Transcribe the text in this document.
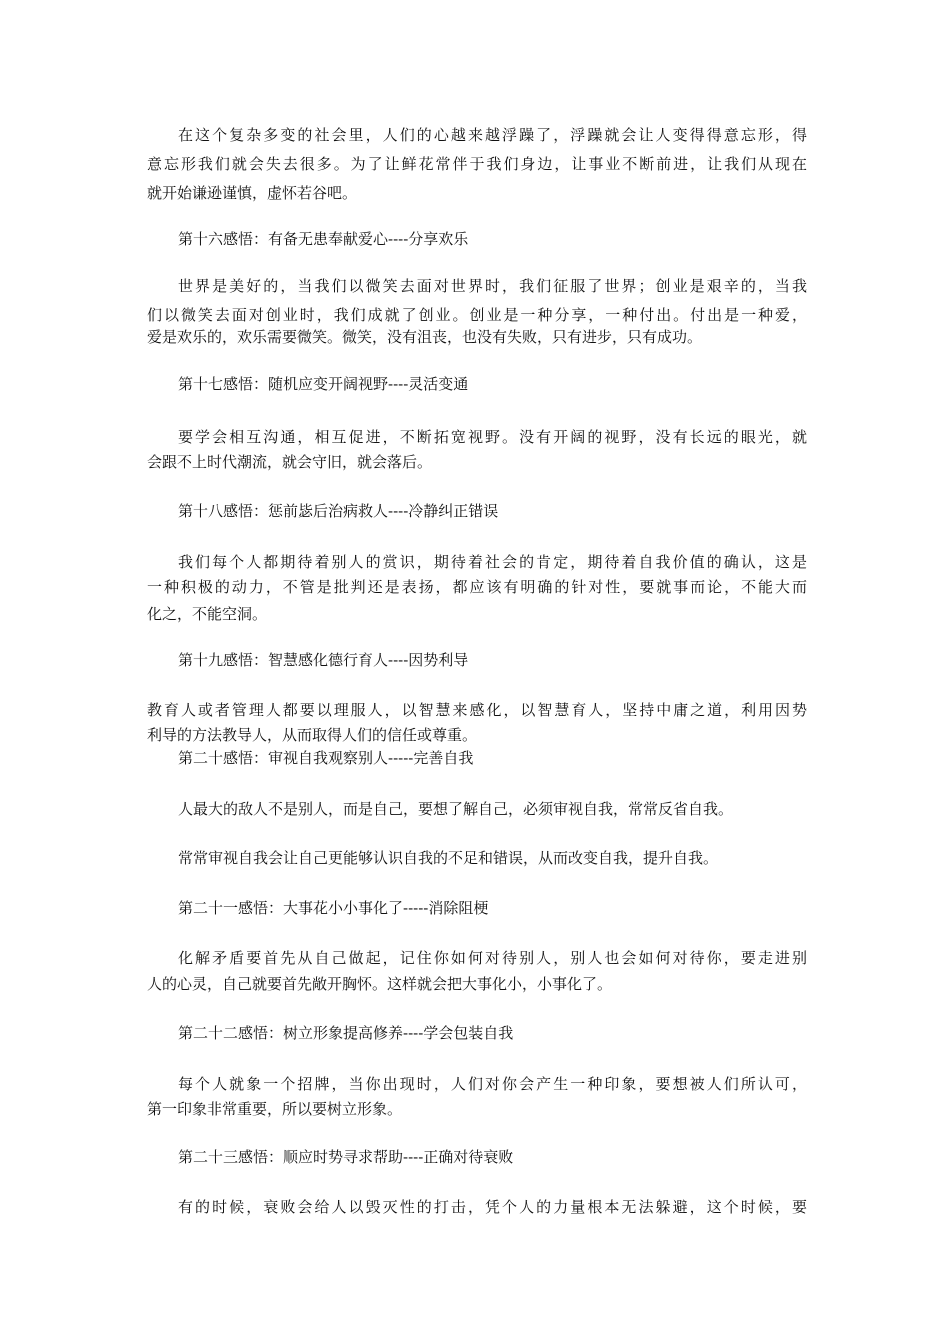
在这个复杂多变的社会里，人们的心越来越浮躁了，浮躁就会让人变得得意忘形，得
意忘形我们就会失去很多。为了让鲜花常伴于我们身边，让事业不断前进，让我们从现在
就开始谦逊谨慎，虚怀若谷吧。
第十六感悟：有备无患奉献爱心----分享欢乐
世界是美好的，当我们以微笑去面对世界时，我们征服了世界；创业是艰辛的，当我
们以微笑去面对创业时，我们成就了创业。创业是一种分享，一种付出。付出是一种爱，
爱是欢乐的，欢乐需要微笑。微笑，没有沮丧，也没有失败，只有进步，只有成功。
第十七感悟：随机应变开阔视野----灵活变通
要学会相互沟通，相互促进，不断拓宽视野。没有开阔的视野，没有长远的眼光，就
会跟不上时代潮流，就会守旧，就会落后。
第十八感悟：惩前毖后治病救人----冷静纠正错误
我们每个人都期待着别人的赏识，期待着社会的肯定，期待着自我价值的确认，这是
一种积极的动力，不管是批判还是表扬，都应该有明确的针对性，要就事而论，不能大而
化之，不能空洞。
第十九感悟：智慧感化德行育人----因势利导
教育人或者管理人都要以理服人，以智慧来感化，以智慧育人，坚持中庸之道，利用因势
利导的方法教导人，从而取得人们的信任或尊重。
第二十感悟：审视自我观察别人-----完善自我
人最大的敌人不是别人，而是自己，要想了解自己，必须审视自我，常常反省自我。
常常审视自我会让自己更能够认识自我的不足和错误，从而改变自我，提升自我。
第二十一感悟：大事花小小事化了-----消除阻梗
化解矛盾要首先从自己做起，记住你如何对待别人，别人也会如何对待你，要走进别
人的心灵，自己就要首先敞开胸怀。这样就会把大事化小，小事化了。
第二十二感悟：树立形象提高修养----学会包装自我
每个人就象一个招牌，当你出现时，人们对你会产生一种印象，要想被人们所认可，
第一印象非常重要，所以要树立形象。
第二十三感悟：顺应时势寻求帮助----正确对待衰败
有的时候，衰败会给人以毁灭性的打击，凭个人的力量根本无法躲避，这个时候，要
